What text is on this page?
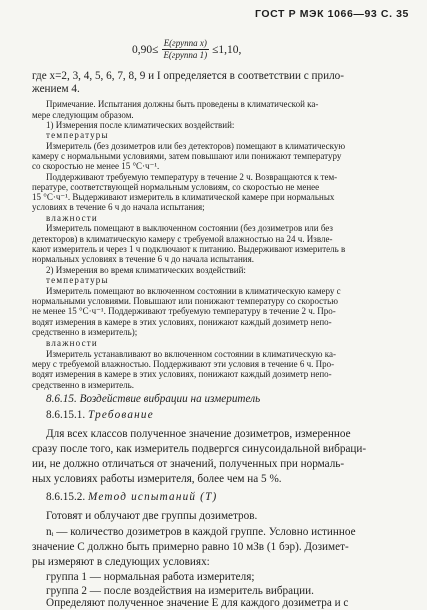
ГОСТ Р МЭК 1066—93 С. 35
$0,90\le \frac{\text{E(группа x)}}{\text{E(группа 1)}} \le 1,10$,
где x=2, 3, 4, 5, 6, 7, 8, 9 и I определяется в соответствии с прило-
жением 4.
Примечание. Испытания должны быть проведены в климатической ка-
мере следующим образом.
1) Измерения после климатических воздействий:
температуры
Измеритель (без дозиметров или без детекторов) помещают в климатическую
камеру с нормальными условиями, затем повышают или понижают температуру
со скоростью не менее 15 °С·ч⁻¹.
Поддерживают требуемую температуру в течение 2 ч. Возвращаются к тем-
пературе, соответствующей нормальным условиям, со скоростью не менее
15 °С·ч⁻¹. Выдерживают измеритель в климатической камере при нормальных
условиях в течение 6 ч до начала испытания;
влажности
Измеритель помещают в выключенном состоянии (без дозиметров или без
детекторов) в климатическую камеру с требуемой влажностью на 24 ч. Извле-
кают измеритель и через 1 ч подключают к питанию. Выдерживают измеритель в
нормальных условиях в течение 6 ч до начала испытания.
2) Измерения во время климатических воздействий:
температуры
Измеритель помещают во включенном состоянии в климатическую камеру с
нормальными условиями. Повышают или понижают температуру со скоростью
не менее 15 °С·ч⁻¹. Поддерживают требуемую температуру в течение 2 ч. Про-
водят измерения в камере в этих условиях, понижают каждый дозиметр непо-
средственно в измеритель);
влажности
Измеритель устанавливают во включенном состоянии в климатическую ка-
меру с требуемой влажностью. Поддерживают эти условия в течение 6 ч. Про-
водят измерения в камере в этих условиях, понижают каждый дозиметр непо-
средственно в измеритель.
8.6.15. Воздействие вибрации на измеритель
8.6.15.1. Требование
Для всех классов полученное значение дозиметров, измеренное
сразу после того, как измеритель подвергся синусоидальной вибраци-
ии, не должно отличаться от значений, полученных при нормаль-
ных условиях работы измерителя, более чем на 5 %.
8.6.15.2. Метод испытаний (Т)
Готовят и облучают две группы дозиметров.
nᵢ — количество дозиметров в каждой группе. Условно истинное
значение C должно быть примерно равно 10 мЗв (1 бэр). Дозимет-
ры измеряют в следующих условиях:
группа 1 — нормальная работа измерителя;
группа 2 — после воздействия на измеритель вибрации.
Определяют полученное значение E для каждого дозиметра и с
